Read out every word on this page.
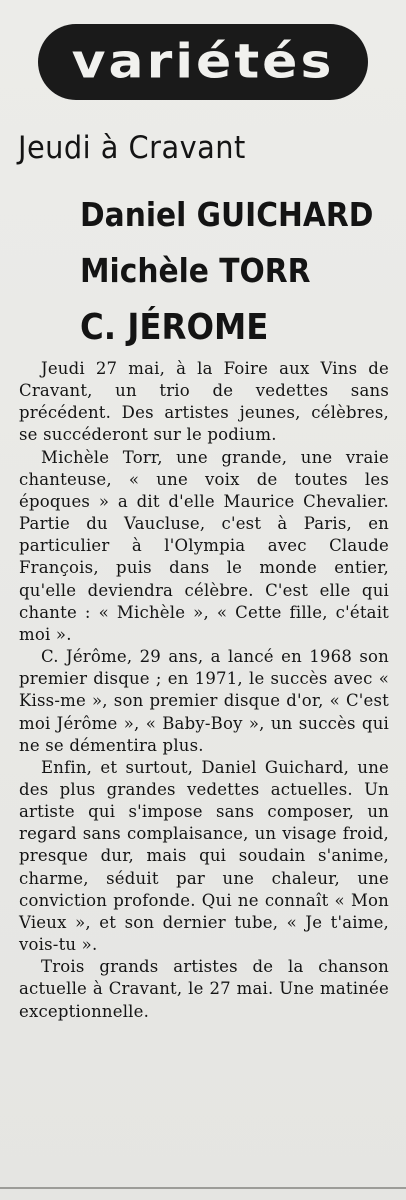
variétés
Jeudi à Cravant
Daniel GUICHARD
Michèle TORR
C. JÉROME

Jeudi 27 mai, à la Foire aux Vins de Cravant, un trio de vedettes sans précédent. Des artistes jeunes, célèbres, se succéderont sur le podium.

Michèle Torr, une grande, une vraie chanteuse, « une voix de toutes les époques » a dit d'elle Maurice Chevalier. Partie du Vaucluse, c'est à Paris, en particulier à l'Olympia avec Claude François, puis dans le monde entier, qu'elle deviendra célèbre. C'est elle qui chante : « Michèle », « Cette fille, c'était moi ».

C. Jérôme, 29 ans, a lancé en 1968 son premier disque ; en 1971, le succès avec « Kiss-me », son premier disque d'or, « C'est moi Jérôme », « Baby-Boy », un succès qui ne se démentira plus.

Enfin, et surtout, Daniel Guichard, une des plus grandes vedettes actuelles. Un artiste qui s'impose sans composer, un regard sans complaisance, un visage froid, presque dur, mais qui soudain s'anime, charme, séduit par une chaleur, une conviction profonde. Qui ne connaît « Mon Vieux », et son dernier tube, « Je t'aime, vois-tu ».

Trois grands artistes de la chanson actuelle à Cravant, le 27 mai. Une matinée exceptionnelle.
